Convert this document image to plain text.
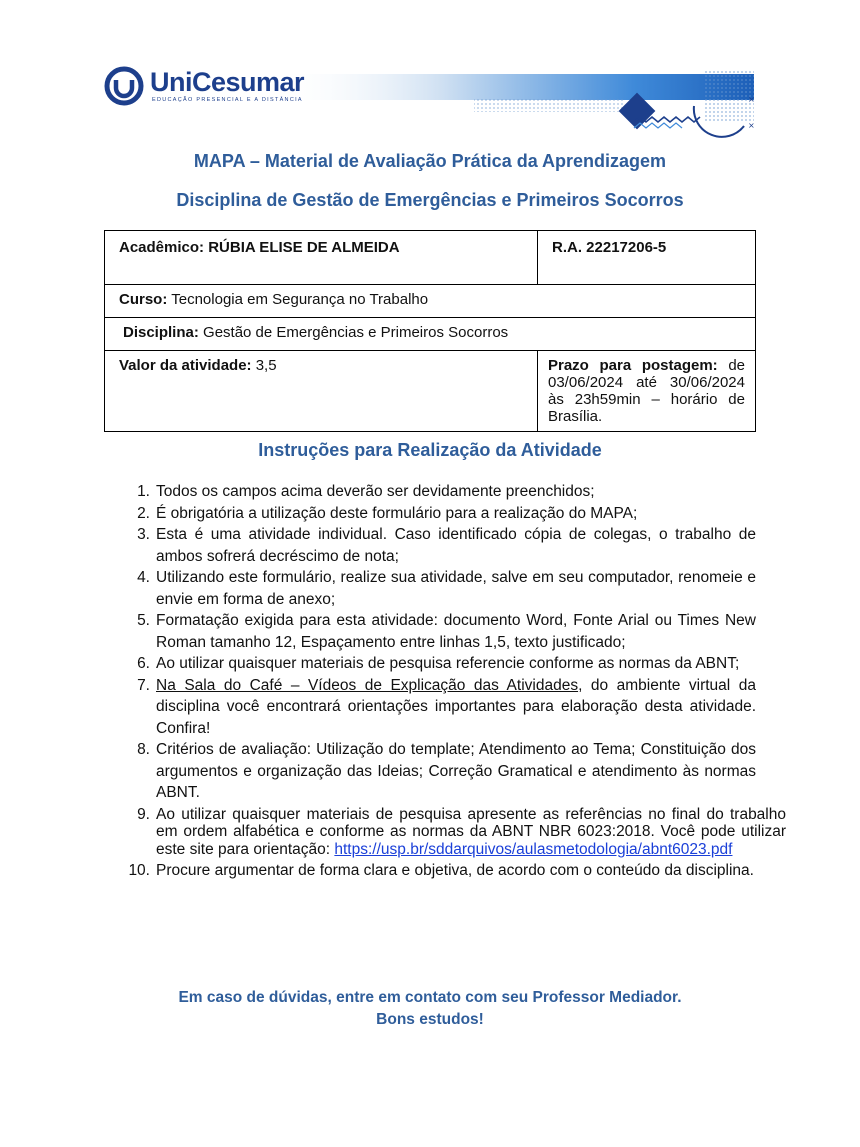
×
×
UniCesumar
EDUCAÇÃO PRESENCIAL E A DISTÂNCIA
MAPA – Material de Avaliação Prática da Aprendizagem
Disciplina de Gestão de Emergências e Primeiros Socorros
Acadêmico: RÚBIA ELISE DE ALMEIDA	R.A. 22217206-5

Curso: Tecnologia em Segurança no Trabalho	

Disciplina: Gestão de Emergências e Primeiros Socorros	

Valor da atividade: 3,5	Prazo para postagem: de 03/06/2024 até 30/06/2024 às 23h59min – horário de Brasília.
Instruções para Realização da Atividade
1. Todos os campos acima deverão ser devidamente preenchidos;
2. É obrigatória a utilização deste formulário para a realização do MAPA;
3. Esta é uma atividade individual. Caso identificado cópia de colegas, o trabalho de ambos sofrerá decréscimo de nota;
4. Utilizando este formulário, realize sua atividade, salve em seu computador, renomeie e envie em forma de anexo;
5. Formatação exigida para esta atividade: documento Word, Fonte Arial ou Times New Roman tamanho 12, Espaçamento entre linhas 1,5, texto justificado;
6. Ao utilizar quaisquer materiais de pesquisa referencie conforme as normas da ABNT;
7. Na Sala do Café – Vídeos de Explicação das Atividades, do ambiente virtual da disciplina você encontrará orientações importantes para elaboração desta atividade. Confira!
8. Critérios de avaliação: Utilização do template; Atendimento ao Tema; Constituição dos argumentos e organização das Ideias; Correção Gramatical e atendimento às normas ABNT.
9. Ao utilizar quaisquer materiais de pesquisa apresente as referências no final do trabalho em ordem alfabética e conforme as normas da ABNT NBR 6023:2018. Você pode utilizar este site para orientação: https://usp.br/sddarquivos/aulasmetodologia/abnt6023.pdf
10. Procure argumentar de forma clara e objetiva, de acordo com o conteúdo da disciplina.
Em caso de dúvidas, entre em contato com seu Professor Mediador.
Bons estudos!
